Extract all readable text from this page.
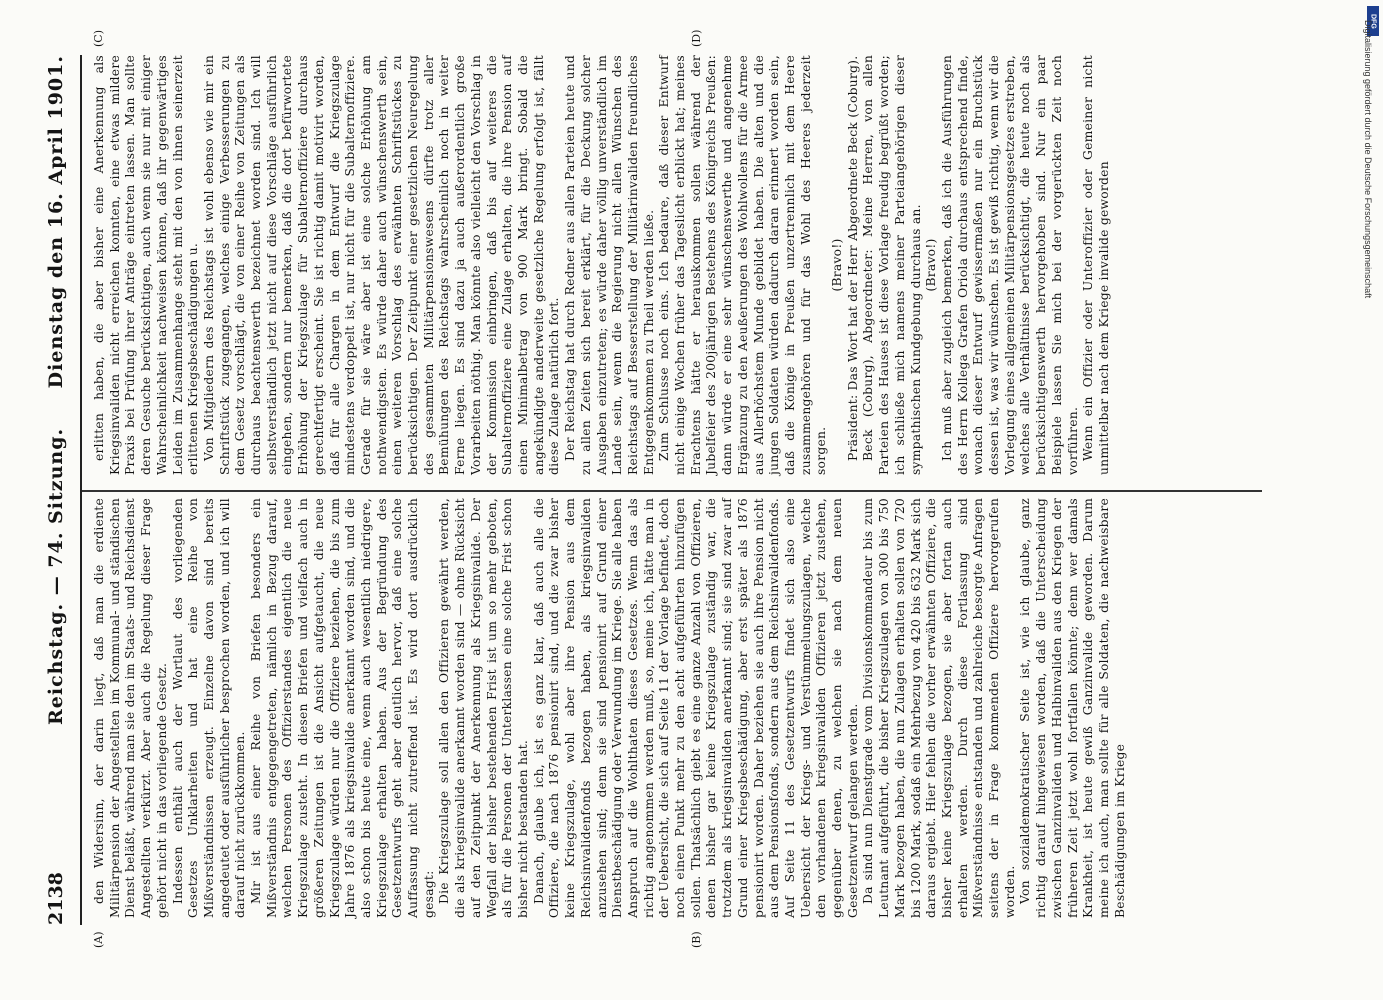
2138
Reichstag. — 74. Sitzung.
Dienstag den 16. April 1901.
(A)	(B)
(C)	(D)

den Widersinn, der darin liegt, daß man die erdiente Militärpension der Angestellten im Kommunal- und ständischen Dienst beläßt, während man sie den im Staats- und Reichsdienst Angestellten verkürzt. Aber auch die Regelung dieser Frage gehört nicht in das vorliegende Gesetz. Indessen enthält auch der Wortlaut des vorliegenden Gesetzes Unklarheiten und hat eine Reihe von Mißverständnissen erzeugt. Einzelne davon sind bereits angedeutet oder ausführlicher besprochen worden, und ich will darauf nicht zurückkommen. Mir ist aus einer Reihe von Briefen besonders ein Mißverständnis entgegengetreten, nämlich in Bezug darauf, welchen Personen des Offizierstandes eigentlich die neue Kriegszulage zusteht. In diesen Briefen und vielfach auch in größeren Zeitungen ist die Ansicht aufgetaucht, die neue Kriegszulage würden nur die Offiziere beziehen, die bis zum Jahre 1876 als kriegsinvalide anerkannt worden sind, und die also schon bis heute eine, wenn auch wesentlich niedrigere, Kriegszulage erhalten haben. Aus der Begründung des Gesetzentwurfs geht aber deutlich hervor, daß eine solche Auffassung nicht zutreffend ist. Es wird dort ausdrücklich gesagt: Die Kriegszulage soll allen den Offizieren gewährt werden, die als kriegsinvalide anerkannt worden sind — ohne Rücksicht auf den Zeitpunkt der Anerkennung als Kriegsinvalide. Der Wegfall der bisher bestehenden Frist ist um so mehr geboten, als für die Personen der Unterklassen eine solche Frist schon bisher nicht bestanden hat. Danach, glaube ich, ist es ganz klar, daß auch alle die Offiziere, die nach 1876 pensionirt sind, und die zwar bisher keine Kriegszulage, wohl aber ihre Pension aus dem Reichsinvalidenfonds bezogen haben, als kriegsinvaliden anzusehen sind; denn sie sind pensionirt auf Grund einer Dienstbeschädigung oder Verwundung im Kriege. Sie alle haben Anspruch auf die Wohlthaten dieses Gesetzes. Wenn das als richtig angenommen werden muß, so, meine ich, hätte man in der Uebersicht, die sich auf Seite 11 der Vorlage befindet, doch noch einen Punkt mehr zu den acht aufgeführten hinzufügen sollen. Thatsächlich giebt es eine ganze Anzahl von Offizieren, denen bisher gar keine Kriegszulage zuständig war, die trotzdem als kriegsinvaliden anerkannt sind; sie sind zwar auf Grund einer Kriegsbeschädigung, aber erst später als 1876 pensionirt worden. Daher beziehen sie auch ihre Pension nicht aus dem Pensionsfonds, sondern aus dem Reichsinvalidenfonds. Auf Seite 11 des Gesetzentwurfs findet sich also eine Uebersicht der Kriegs- und Verstümmelungszulagen, welche den vorhandenen kriegsinvaliden Offizieren jetzt zustehen, gegenüber denen, zu welchen sie nach dem neuen Gesetzentwurf gelangen werden. Da sind nun Dienstgrade vom Divisionskommandeur bis zum Leutnant aufgeführt, die bisher Kriegszulagen von 300 bis 750 Mark bezogen haben, die nun Zulagen erhalten sollen von 720 bis 1200 Mark, sodaß ein Mehrbezug von 420 bis 632 Mark sich daraus ergiebt. Hier fehlen die vorher erwähnten Offiziere, die bisher keine Kriegszulage bezogen, sie aber fortan auch erhalten werden. Durch diese Fortlassung sind Mißverständnisse entstanden und zahlreiche besorgte Anfragen seitens der in Frage kommenden Offiziere hervorgerufen worden. Von sozialdemokratischer Seite ist, wie ich glaube, ganz richtig darauf hingewiesen worden, daß die Unterscheidung zwischen Ganzinvaliden und Halbinvaliden aus den Kriegen der früheren Zeit jetzt wohl fortfallen könnte; denn wer damals Krankheit, ist heute gewiß Ganzinvalide geworden. Darum meine ich auch, man sollte für alle Soldaten, die nachweisbare Beschädigungen im Kriege

erlitten haben, die aber bisher eine Anerkennung als Kriegsinvaliden nicht erreichen konnten, eine etwas mildere Praxis bei Prüfung ihrer Anträge eintreten lassen. Man sollte deren Gesuche berücksichtigen, auch wenn sie nur mit einiger Wahrscheinlichkeit nachweisen können, daß ihr gegenwärtiges Leiden im Zusammenhange steht mit den von ihnen seinerzeit erlittenen Kriegsbeschädigungen u. Von Mitgliedern des Reichstags ist wohl ebenso wie mir ein Schriftstück zugegangen, welches einige Verbesserungen zu dem Gesetz vorschlägt, die von einer Reihe von Zeitungen als durchaus beachtenswerth bezeichnet worden sind. Ich will selbstverständlich jetzt nicht auf diese Vorschläge ausführlich eingehen, sondern nur bemerken, daß die dort befürwortete Erhöhung der Kriegszulage für Subalternoffiziere durchaus gerechtfertigt erscheint. Sie ist richtig damit motivirt worden, daß für alle Chargen in dem Entwurf die Kriegszulage mindestens verdoppelt ist, nur nicht für die Subalternoffiziere. Gerade für sie wäre aber ist eine solche Erhöhung am nothwendigsten. Es würde daher auch wünschenswerth sein, einen weiteren Vorschlag des erwähnten Schriftstückes zu berücksichtigen. Der Zeitpunkt einer gesetzlichen Neuregelung des gesammten Militärpensionswesens dürfte trotz aller Bemühungen des Reichstags wahrscheinlich noch in weiter Ferne liegen. Es sind dazu ja auch außerordentlich große Vorarbeiten nöthig. Man könnte also vielleicht den Vorschlag in der Kommission einbringen, daß bis auf weiteres die Subalternoffiziere eine Zulage erhalten, die ihre Pension auf einen Minimalbetrag von 900 Mark bringt. Sobald die angekündigte anderweite gesetzliche Regelung erfolgt ist, fällt diese Zulage natürlich fort. Der Reichstag hat durch Redner aus allen Parteien heute und zu allen Zeiten sich bereit erklärt, für die Deckung solcher Ausgaben einzutreten; es würde daher völlig unverständlich im Lande sein, wenn die Regierung nicht allen Wünschen des Reichstags auf Besserstellung der Militärinvaliden freundliches Entgegenkommen zu Theil werden ließe. Zum Schlusse noch eins. Ich bedaure, daß dieser Entwurf nicht einige Wochen früher das Tageslicht erblickt hat; meines Erachtens hätte er herauskommen sollen während der Jubelfeier des 200jährigen Bestehens des Königreichs Preußen: dann würde er eine sehr wünschenswerthe und angenehme Ergänzung zu den Aeußerungen des Wohlwollens für die Armee aus Allerhöchstem Munde gebildet haben. Die alten und die jungen Soldaten würden dadurch daran erinnert worden sein, daß die Könige in Preußen unzertrennlich mit dem Heere zusammengehören und für das Wohl des Heeres jederzeit sorgen.

(Bravo!) Präsident: Das Wort hat der Herr Abgeordnete Beck (Coburg). Beck (Coburg), Abgeordneter: Meine Herren, von allen Parteien des Hauses ist diese Vorlage freudig begrüßt worden; ich schließe mich namens meiner Parteiangehörigen dieser sympathischen Kundgebung durchaus an. (Bravo!) Ich muß aber zugleich bemerken, daß ich die Ausführungen des Herrn Kollega Grafen Oriola durchaus entsprechend finde, wonach dieser Entwurf gewissermaßen nur ein Bruchstück dessen ist, was wir wünschen. Es ist gewiß richtig, wenn wir die Vorlegung eines allgemeinen Militärpensionsgesetzes erstreben, welches alle Verhältnisse berücksichtigt, die heute noch als berücksichtigenswerth hervorgehoben sind. Nur ein paar Beispiele lassen Sie mich bei der vorgerückten Zeit noch vorführen. Wenn ein Offizier oder Unteroffizier oder Gemeiner nicht unmittelbar nach dem Kriege invalide geworden

DFG
Digitalisierung gefördert durch die Deutsche Forschungsgemeinschaft
